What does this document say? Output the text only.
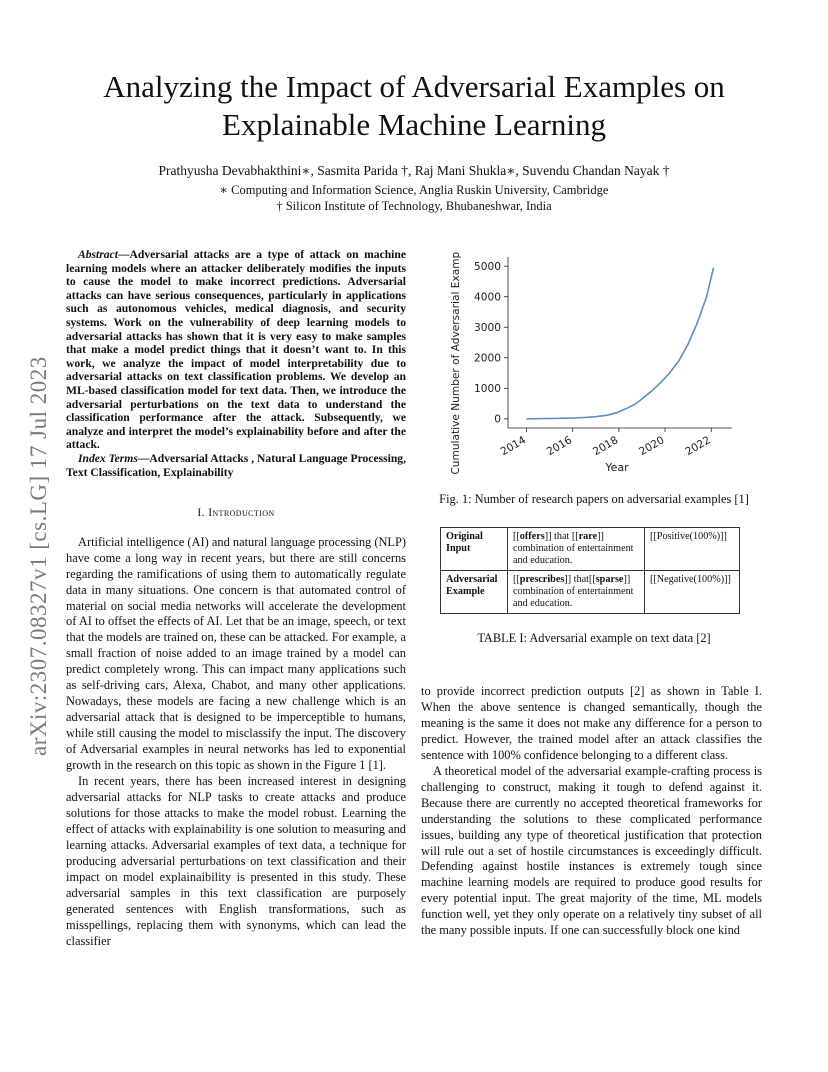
arXiv:2307.08327v1 [cs.LG] 17 Jul 2023
Analyzing the Impact of Adversarial Examples on
Explainable Machine Learning
Prathyusha Devabhakthini∗, Sasmita Parida †, Raj Mani Shukla∗, Suvendu Chandan Nayak †
∗ Computing and Information Science, Anglia Ruskin University, Cambridge
† Silicon Institute of Technology, Bhubaneshwar, India

Abstract—Adversarial attacks are a type of attack on machine learning models where an attacker deliberately modifies the inputs to cause the model to make incorrect predictions. Adversarial attacks can have serious consequences, particularly in applications such as autonomous vehicles, medical diagnosis, and security systems. Work on the vulnerability of deep learning models to adversarial attacks has shown that it is very easy to make samples that make a model predict things that it doesn’t want to. In this work, we analyze the impact of model interpretability due to adversarial attacks on text classification problems. We develop an ML-based classification model for text data. Then, we introduce the adversarial perturbations on the text data to understand the classification performance after the attack. Subsequently, we analyze and interpret the model’s explainability before and after the attack.

Index Terms—Adversarial Attacks , Natural Language Processing, Text Classification, Explainability

I. Introduction

Artificial intelligence (AI) and natural language processing (NLP) have come a long way in recent years, but there are still concerns regarding the ramifications of using them to automatically regulate data in many situations. One concern is that automated control of material on social media networks will accelerate the development of AI to offset the effects of AI. Let that be an image, speech, or text that the models are trained on, these can be attacked. For example, a small fraction of noise added to an image trained by a model can predict completely wrong. This can impact many applications such as self-driving cars, Alexa, Chabot, and many other applications. Nowadays, these models are facing a new challenge which is an adversarial attack that is designed to be imperceptible to humans, while still causing the model to misclassify the input. The discovery of Adversarial examples in neural networks has led to exponential growth in the research on this topic as shown in the Figure 1 [1].

In recent years, there has been increased interest in designing adversarial attacks for NLP tasks to create attacks and produce solutions for those attacks to make the model robust. Learning the effect of attacks with explainability is one solution to measuring and learning attacks. Adversarial examples of text data, a technique for producing adversarial perturbations on text classification and their impact on model explainaibility is presented in this study. These adversarial samples in this text classification are purposely generated sentences with English transformations, such as misspellings, replacing them with synonyms, which can lead the classifier

Cumulative Number of Adversarial Example Papers	Year
0
1000
2000
3000
4000
5000
2014 2016 2018 2020 2022
Fig. 1: Number of research papers on adversarial examples [1]
Original Input	[[offers]] that [[rare]] combination of entertainment and education.	[[Positive(100%)]]
Adversarial Example	[[prescribes]] that[[sparse]] combination of entertainment and education.	[[Negative(100%)]]
TABLE I: Adversarial example on text data [2]

to provide incorrect prediction outputs [2] as shown in Table I. When the above sentence is changed semantically, though the meaning is the same it does not make any difference for a person to predict. However, the trained model after an attack classifies the sentence with 100% confidence belonging to a different class.

A theoretical model of the adversarial example-crafting process is challenging to construct, making it tough to defend against it. Because there are currently no accepted theoretical frameworks for understanding the solutions to these complicated performance issues, building any type of theoretical justification that protection will rule out a set of hostile circumstances is exceedingly difficult. Defending against hostile instances is extremely tough since machine learning models are required to produce good results for every potential input. The great majority of the time, ML models function well, yet they only operate on a relatively tiny subset of all the many possible inputs. If one can successfully block one kind
